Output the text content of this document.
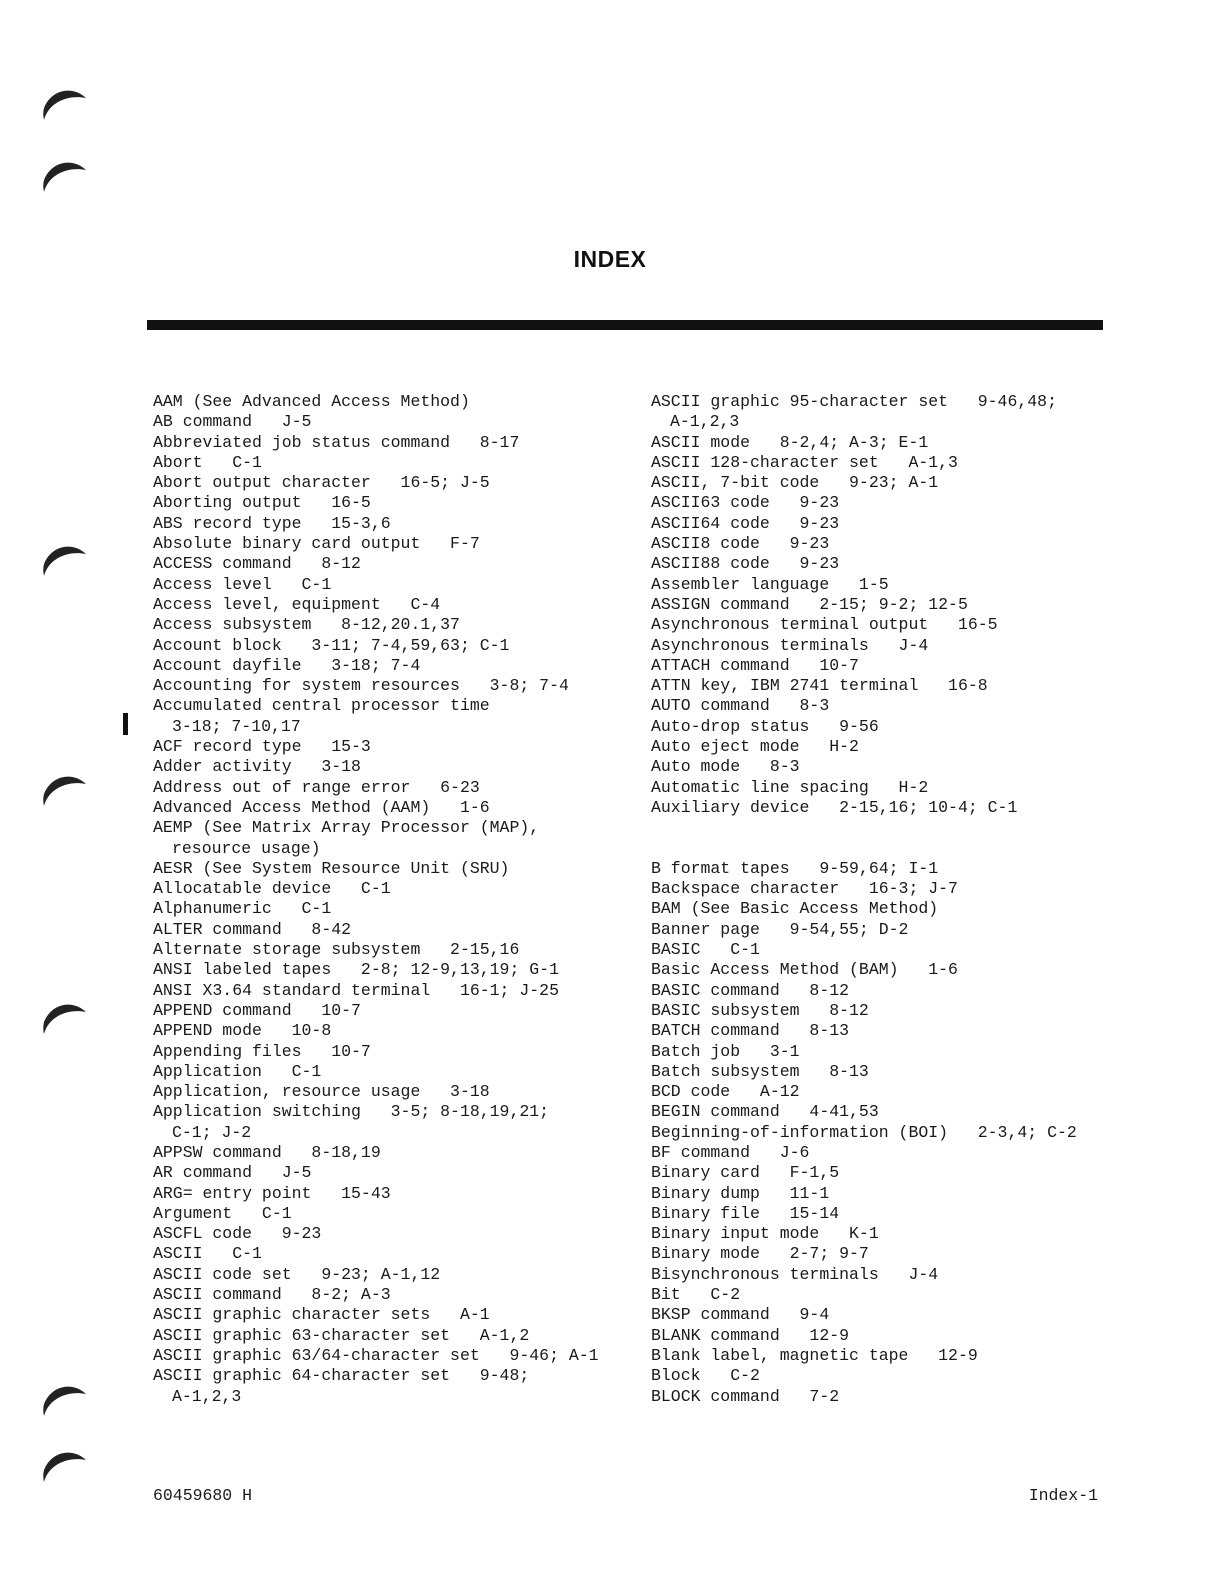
INDEX
AAM (See Advanced Access Method)
AB command   J-5
Abbreviated job status command   8-17
Abort   C-1
Abort output character   16-5; J-5
Aborting output   16-5
ABS record type   15-3,6
Absolute binary card output   F-7
ACCESS command   8-12
Access level   C-1
Access level, equipment   C-4
Access subsystem   8-12,20.1,37
Account block   3-11; 7-4,59,63; C-1
Account dayfile   3-18; 7-4
Accounting for system resources   3-8; 7-4
Accumulated central processor time
3-18; 7-10,17
ACF record type   15-3
Adder activity   3-18
Address out of range error   6-23
Advanced Access Method (AAM)   1-6
AEMP (See Matrix Array Processor (MAP),
resource usage)
AESR (See System Resource Unit (SRU)
Allocatable device   C-1
Alphanumeric   C-1
ALTER command   8-42
Alternate storage subsystem   2-15,16
ANSI labeled tapes   2-8; 12-9,13,19; G-1
ANSI X3.64 standard terminal   16-1; J-25
APPEND command   10-7
APPEND mode   10-8
Appending files   10-7
Application   C-1
Application, resource usage   3-18
Application switching   3-5; 8-18,19,21;
C-1; J-2
APPSW command   8-18,19
AR command   J-5
ARG= entry point   15-43
Argument   C-1
ASCFL code   9-23
ASCII   C-1
ASCII code set   9-23; A-1,12
ASCII command   8-2; A-3
ASCII graphic character sets   A-1
ASCII graphic 63-character set   A-1,2
ASCII graphic 63/64-character set   9-46; A-1
ASCII graphic 64-character set   9-48;
A-1,2,3
ASCII graphic 95-character set   9-46,48;
A-1,2,3
ASCII mode   8-2,4; A-3; E-1
ASCII 128-character set   A-1,3
ASCII, 7-bit code   9-23; A-1
ASCII63 code   9-23
ASCII64 code   9-23
ASCII8 code   9-23
ASCII88 code   9-23
Assembler language   1-5
ASSIGN command   2-15; 9-2; 12-5
Asynchronous terminal output   16-5
Asynchronous terminals   J-4
ATTACH command   10-7
ATTN key, IBM 2741 terminal   16-8
AUTO command   8-3
Auto-drop status   9-56
Auto eject mode   H-2
Auto mode   8-3
Automatic line spacing   H-2
Auxiliary device   2-15,16; 10-4; C-1
B format tapes   9-59,64; I-1
Backspace character   16-3; J-7
BAM (See Basic Access Method)
Banner page   9-54,55; D-2
BASIC   C-1
Basic Access Method (BAM)   1-6
BASIC command   8-12
BASIC subsystem   8-12
BATCH command   8-13
Batch job   3-1
Batch subsystem   8-13
BCD code   A-12
BEGIN command   4-41,53
Beginning-of-information (BOI)   2-3,4; C-2
BF command   J-6
Binary card   F-1,5
Binary dump   11-1
Binary file   15-14
Binary input mode   K-1
Binary mode   2-7; 9-7
Bisynchronous terminals   J-4
Bit   C-2
BKSP command   9-4
BLANK command   12-9
Blank label, magnetic tape   12-9
Block   C-2
BLOCK command   7-2
60459680 H	Index-1
